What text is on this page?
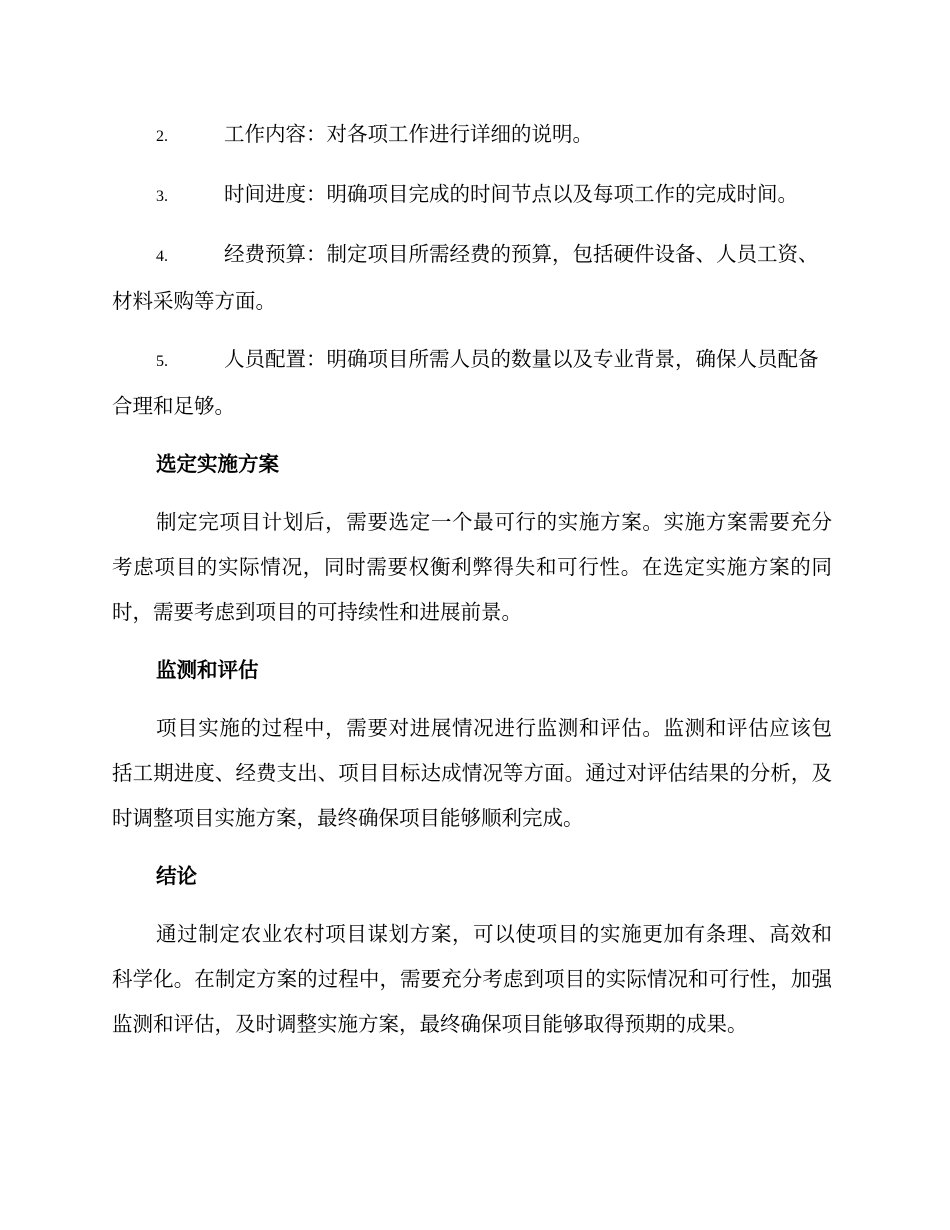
2.	工作内容：对各项工作进行详细的说明。
3.	时间进度：明确项目完成的时间节点以及每项工作的完成时间。
4.	经费预算：制定项目所需经费的预算，包括硬件设备、人员工资、材料采购等方面。
5.	人员配置：明确项目所需人员的数量以及专业背景，确保人员配备合理和足够。
选定实施方案
制定完项目计划后，需要选定一个最可行的实施方案。实施方案需要充分考虑项目的实际情况，同时需要权衡利弊得失和可行性。在选定实施方案的同时，需要考虑到项目的可持续性和进展前景。
监测和评估
项目实施的过程中，需要对进展情况进行监测和评估。监测和评估应该包括工期进度、经费支出、项目目标达成情况等方面。通过对评估结果的分析，及时调整项目实施方案，最终确保项目能够顺利完成。
结论
通过制定农业农村项目谋划方案，可以使项目的实施更加有条理、高效和科学化。在制定方案的过程中，需要充分考虑到项目的实际情况和可行性，加强监测和评估，及时调整实施方案，最终确保项目能够取得预期的成果。
